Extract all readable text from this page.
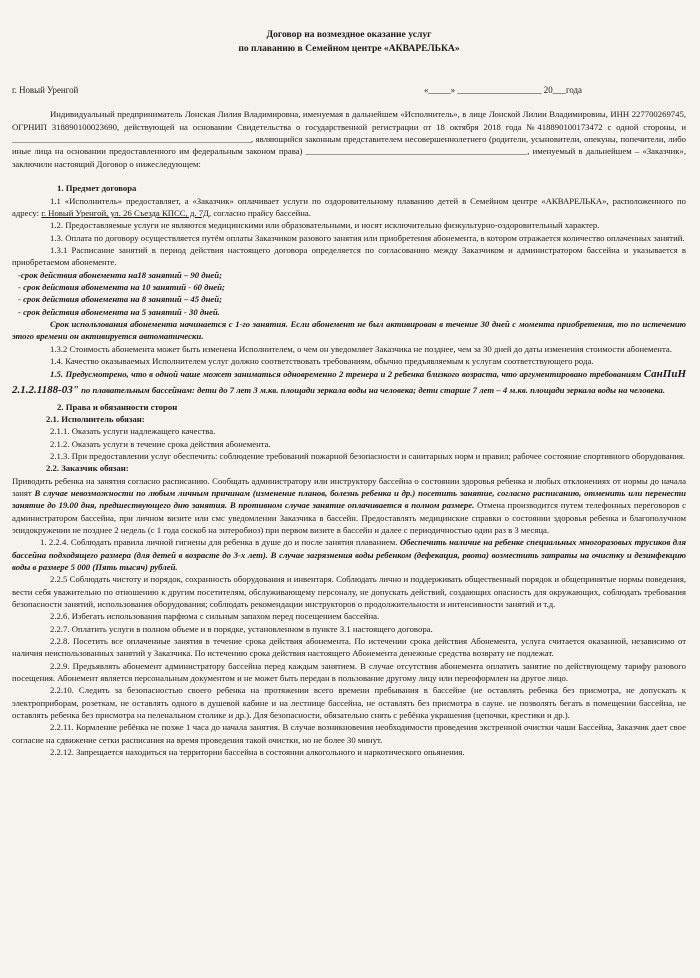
Договор на возмездное оказание услуг
по плаванию в Семейном центре «АКВАРЕЛЬКА»
г. Новый Уренгой	«_____» ___________________ 20___года

Индивидуальный предприниматель Лонская Лилия Владимировна, именуемая в дальнейшем «Исполнитель», в лице Лонской Лилии Владимировны, ИНН 227700269745, ОГРНИП 318890100023690, действующей на основании Свидетельства о государственной регистрации от 18 октября 2018 года №418890100173472 с одной стороны, и _______________________________________________________, являющийся законным представителем несовершеннолетнего (родители, усыновители, опекуны, попечители, либо иные лица на основании предоставленного им федеральным законом права) ___________________________________________________, именуемый в дальнейшем – «Заказчик», заключили настоящий Договор о нижеследующем:

1. Предмет договора

1.1 «Исполнитель» предоставляет, а «Заказчик» оплачивает услуги по оздоровительному плаванию детей в Семейном центре «АКВАРЕЛЬКА», расположенного по адресу: г. Новый Уренгой, ул. 26 Съезда КПСС, д. 7Д, согласно прайсу бассейна.

1.2. Предоставляемые услуги не являются медицинскими или образовательными, и носят исключительно физкультурно-оздоровительный характер.

1.3. Оплата по договору осуществляется путём оплаты Заказчиком разового занятия или приобретения абонемента, в котором отражается количество оплаченных занятий.

1.3.1 Расписание занятий в период действия настоящего договора определяется по согласованию между Заказчиком и администратором бассейна и указывается в приобретаемом абонементе.

-срок действия абонемента на18 занятий – 90 дней;
- срок действия абонемента на 10 занятий - 60 дней;
- срок действия абонемента на 8 занятий – 45 дней;
- срок действия абонемента на 5 занятий - 30 дней.

Срок использования абонемента начинается с 1-го занятия. Если абонемент не был активирован в течение 30 дней с момента приобретения, то по истечению этого времени он активируется автоматически.

1.3.2 Стоимость абонемента может быть изменена Исполнителем, о чем он уведомляет Заказчика не позднее, чем за 30 дней до даты изменения стоимости абонемента.

1.4. Качество оказываемых Исполнителем услуг должно соответствовать требованиям, обычно предъявляемым к услугам соответствующего рода.

1.5. Предусмотрено, что в одной чаше может заниматься одновременно 2 тренера и 2 ребенка близкого возраста, что аргументировано требованиям СанПиН 2.1.2.1188-03" по плавательным бассейнам: дети до 7 лет 3 м.кв. площади зеркала воды на человека; дети старше 7 лет – 4 м.кв. площади зеркала воды на человека.

2. Права и обязанности сторон
2.1. Исполнитель обязан:

2.1.1. Оказать услуги надлежащего качества.

2.1.2. Оказать услуги в течение срока действия абонемента.

2.1.3. При предоставлении услуг обеспечить: соблюдение требований пожарной безопасности и санитарных норм и правил; рабочее состояние спортивного оборудования.

2.2. Заказчик обязан:

Приводить ребенка на занятия согласно расписанию. Сообщать администратору или инструктору бассейна о состоянии здоровья ребенка и любых отклонениях от нормы до начала занят В случае невозможности по любым личным причинам (изменение планов, болезнь ребенка и др.) посетить занятие, согласно расписанию, отменить или перенести занятие до 19.00 дня, предшествующего дню занятия. В противном случае занятие оплачивается в полном размере. Отмена производится путем телефонных переговоров с администратором бассейна, при личном визите или смс уведомлении Заказчика в бассейн. Предоставлять медицинские справки о состоянии здоровья ребенка и благополучном эпидокружении не позднее 2 недель (с 1 года соскоб на энтеробиоз) при первом визите в бассейн и далее с периодичностью один раз в 3 месяца.

1. 2.2.4. Соблюдать правила личной гигиены для ребенка в душе до и после занятия плаванием. Обеспечить наличие на ребенке специальных многоразовых трусиков для бассейна подходящего размера (для детей в возрасте до 3-х лет). В случае загрязнения воды ребенком (дефекация, рвота) возместить затраты на очистку и дезинфекцию воды в размере 5 000 (Пять тысяч) рублей.

2.2.5 Соблюдать чистоту и порядок, сохранность оборудования и инвентаря. Соблюдать лично и поддерживать общественный порядок и общепринятые нормы поведения, вести себя уважительно по отношению к другим посетителям, обслуживающему персоналу, не допускать действий, создающих опасность для окружающих, соблюдать требования безопасности занятий, использования оборудования; соблюдать рекомендации инструкторов о продолжительности и интенсивности занятий и т.д.

2.2.6. Избегать использования парфюма с сильным запахом перед посещением бассейна.

2.2.7. Оплатить услуги в полном объеме и в порядке, установленном в пункте 3.1 настоящего договора.

2.2.8. Посетить все оплаченные занятия в течение срока действия абонемента. По истечении срока действия Абонемента, услуга считается оказанной, независимо от наличия неиспользованных занятий у Заказчика. По истечению срока действия настоящего Абонемента денежные средства возврату не подлежат.

2.2.9. Предъявлять абонемент администратору бассейна перед каждым занятием. В случае отсутствия абонемента оплатить занятие по действующему тарифу разового посещения. Абонемент является персональным документом и не может быть передан в пользование другому лицу или переоформлен на другое лицо.

2.2.10. Следить за безопасностью своего ребенка на протяжении всего времени пребывания в бассейне (не оставлять ребенка без присмотра, не допускать к электроприборам, розеткам, не оставлять одного в душевой кабине и на лестнице бассейна, не оставлять без присмотра в сауне. не позволять бегать в помещении бассейна, не оставлять ребенка без присмотра на пеленальном столике и др.). Для безопасности, обязательно снять с ребёнка украшения (цепочки, крестики и др.).

2.2.11. Кормление ребёнка не позже 1 часа до начала занятия. В случае возникновения необходимости проведения экстренной очистки чаши Бассейна, Заказчик дает свое согласие на сдвижение сетки расписания на время проведения такой очистки, но не более 30 минут.

2.2.12. Запрещается находиться на территории бассейна в состоянии алкогольного и наркотического опьянения.
